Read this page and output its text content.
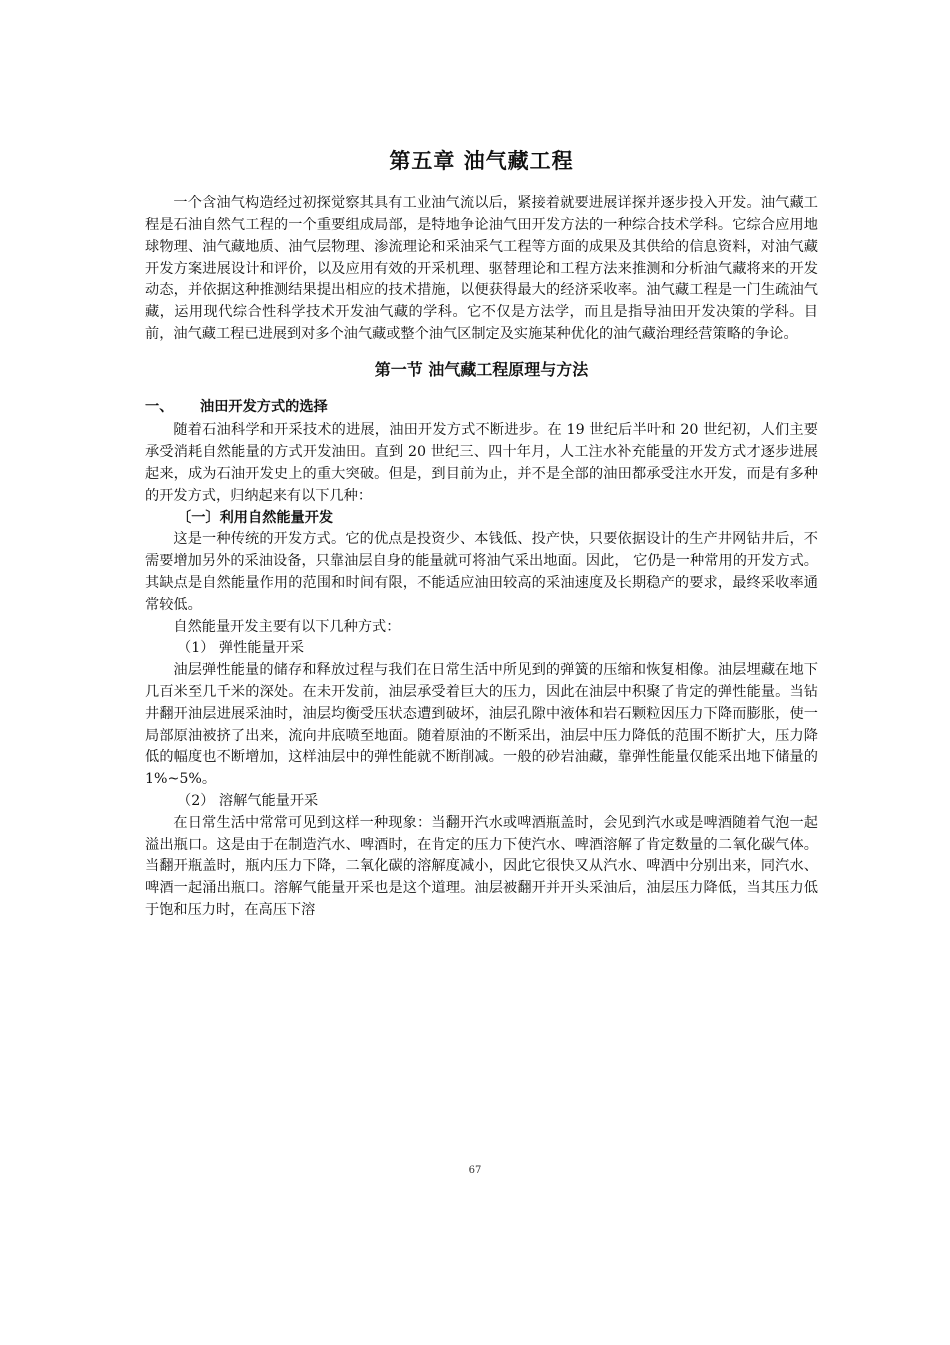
第五章 油气藏工程

一个含油气构造经过初探觉察其具有工业油气流以后，紧接着就要进展详探并逐步投入开发。油气藏工程是石油自然气工程的一个重要组成局部，是特地争论油气田开发方法的一种综合技术学科。它综合应用地球物理、油气藏地质、油气层物理、渗流理论和采油采气工程等方面的成果及其供给的信息资料，对油气藏开发方案进展设计和评价，以及应用有效的开采机理、驱替理论和工程方法来推测和分析油气藏将来的开发动态，并依据这种推测结果提出相应的技术措施，以便获得最大的经济采收率。油气藏工程是一门生疏油气藏，运用现代综合性科学技术开发油气藏的学科。它不仅是方法学，而且是指导油田开发决策的学科。目前，油气藏工程已进展到对多个油气藏或整个油气区制定及实施某种优化的油气藏治理经营策略的争论。

第一节 油气藏工程原理与方法
一、 油田开发方式的选择

随着石油科学和开采技术的进展，油田开发方式不断进步。在 19 世纪后半叶和 20 世纪初，人们主要承受消耗自然能量的方式开发油田。直到 20 世纪三、四十年月，人工注水补充能量的开发方式才逐步进展起来，成为石油开发史上的重大突破。但是，到目前为止，并不是全部的油田都承受注水开发，而是有多种的开发方式，归纳起来有以下几种：

〔一〕利用自然能量开发

这是一种传统的开发方式。它的优点是投资少、本钱低、投产快，只要依据设计的生产井网钻井后，不需要增加另外的采油设备，只靠油层自身的能量就可将油气采出地面。因此， 它仍是一种常用的开发方式。其缺点是自然能量作用的范围和时间有限，不能适应油田较高的采油速度及长期稳产的要求，最终采收率通常较低。

自然能量开发主要有以下几种方式：

（1） 弹性能量开采

油层弹性能量的储存和释放过程与我们在日常生活中所见到的弹簧的压缩和恢复相像。油层埋藏在地下几百米至几千米的深处。在未开发前，油层承受着巨大的压力，因此在油层中积聚了肯定的弹性能量。当钻井翻开油层进展采油时，油层均衡受压状态遭到破坏，油层孔隙中液体和岩石颗粒因压力下降而膨胀，使一局部原油被挤了出来，流向井底喷至地面。随着原油的不断采出，油层中压力降低的范围不断扩大，压力降低的幅度也不断增加，这样油层中的弹性能就不断削减。一般的砂岩油藏，靠弹性能量仅能采出地下储量的 1%~5%。

（2） 溶解气能量开采

在日常生活中常常可见到这样一种现象：当翻开汽水或啤酒瓶盖时，会见到汽水或是啤酒随着气泡一起溢出瓶口。这是由于在制造汽水、啤酒时，在肯定的压力下使汽水、啤酒溶解了肯定数量的二氧化碳气体。当翻开瓶盖时，瓶内压力下降，二氧化碳的溶解度减小，因此它很快又从汽水、啤酒中分别出来，同汽水、啤酒一起涌出瓶口。溶解气能量开采也是这个道理。油层被翻开并开头采油后，油层压力降低，当其压力低于饱和压力时，在高压下溶

67
